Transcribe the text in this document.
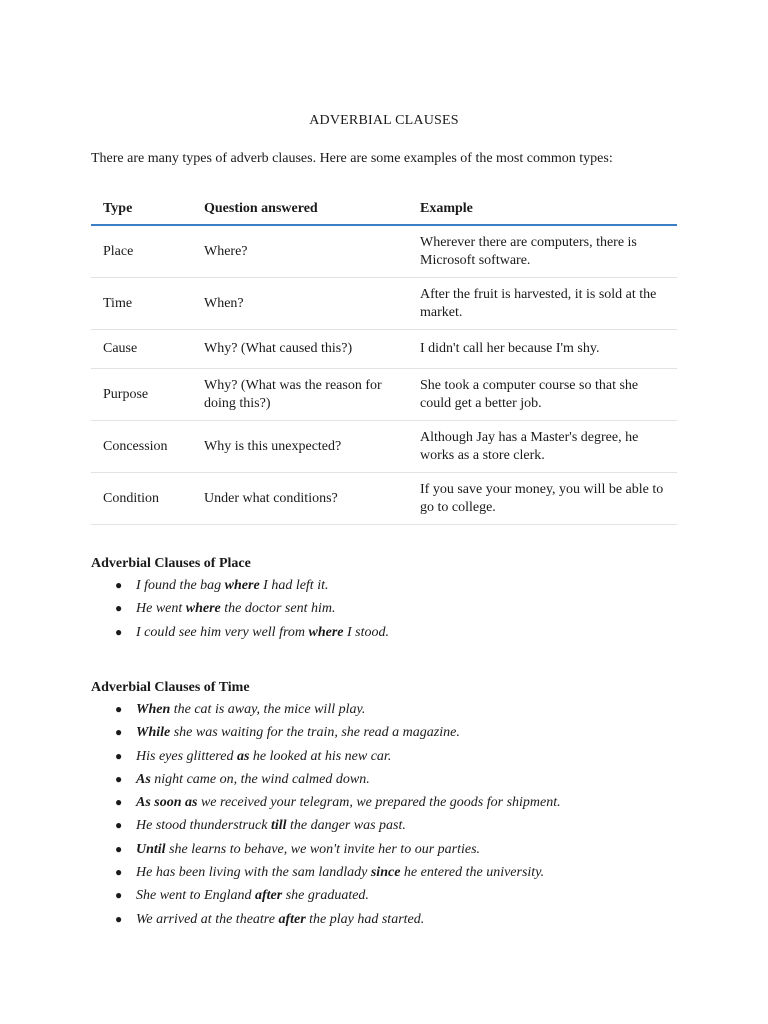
ADVERBIAL CLAUSES
There are many types of adverb clauses. Here are some examples of the most common types:
Type	Question answered	Example
Place	Where?	Wherever there are computers, there is Microsoft software.
Time	When?	After the fruit is harvested, it is sold at the market.
Cause	Why? (What caused this?)	I didn't call her because I'm shy.
Purpose	Why? (What was the reason for doing this?)	She took a computer course so that she could get a better job.

Concession	Why is this unexpected?	Although Jay has a Master's degree, he works as a store clerk.
Condition	Under what conditions?	If you save your money, you will be able to go to college.
Adverbial Clauses of Place
● I found the bag where I had left it.
● He went where the doctor sent him.
● I could see him very well from where I stood.
Adverbial Clauses of Time
● When the cat is away, the mice will play.
● While she was waiting for the train, she read a magazine.
● His eyes glittered as he looked at his new car.
● As night came on, the wind calmed down.
● As soon as we received your telegram, we prepared the goods for shipment.
● He stood thunderstruck till the danger was past.
● Until she learns to behave, we won't invite her to our parties.
● He has been living with the sam landlady since he entered the university.
● She went to England after she graduated.
● We arrived at the theatre after the play had started.
